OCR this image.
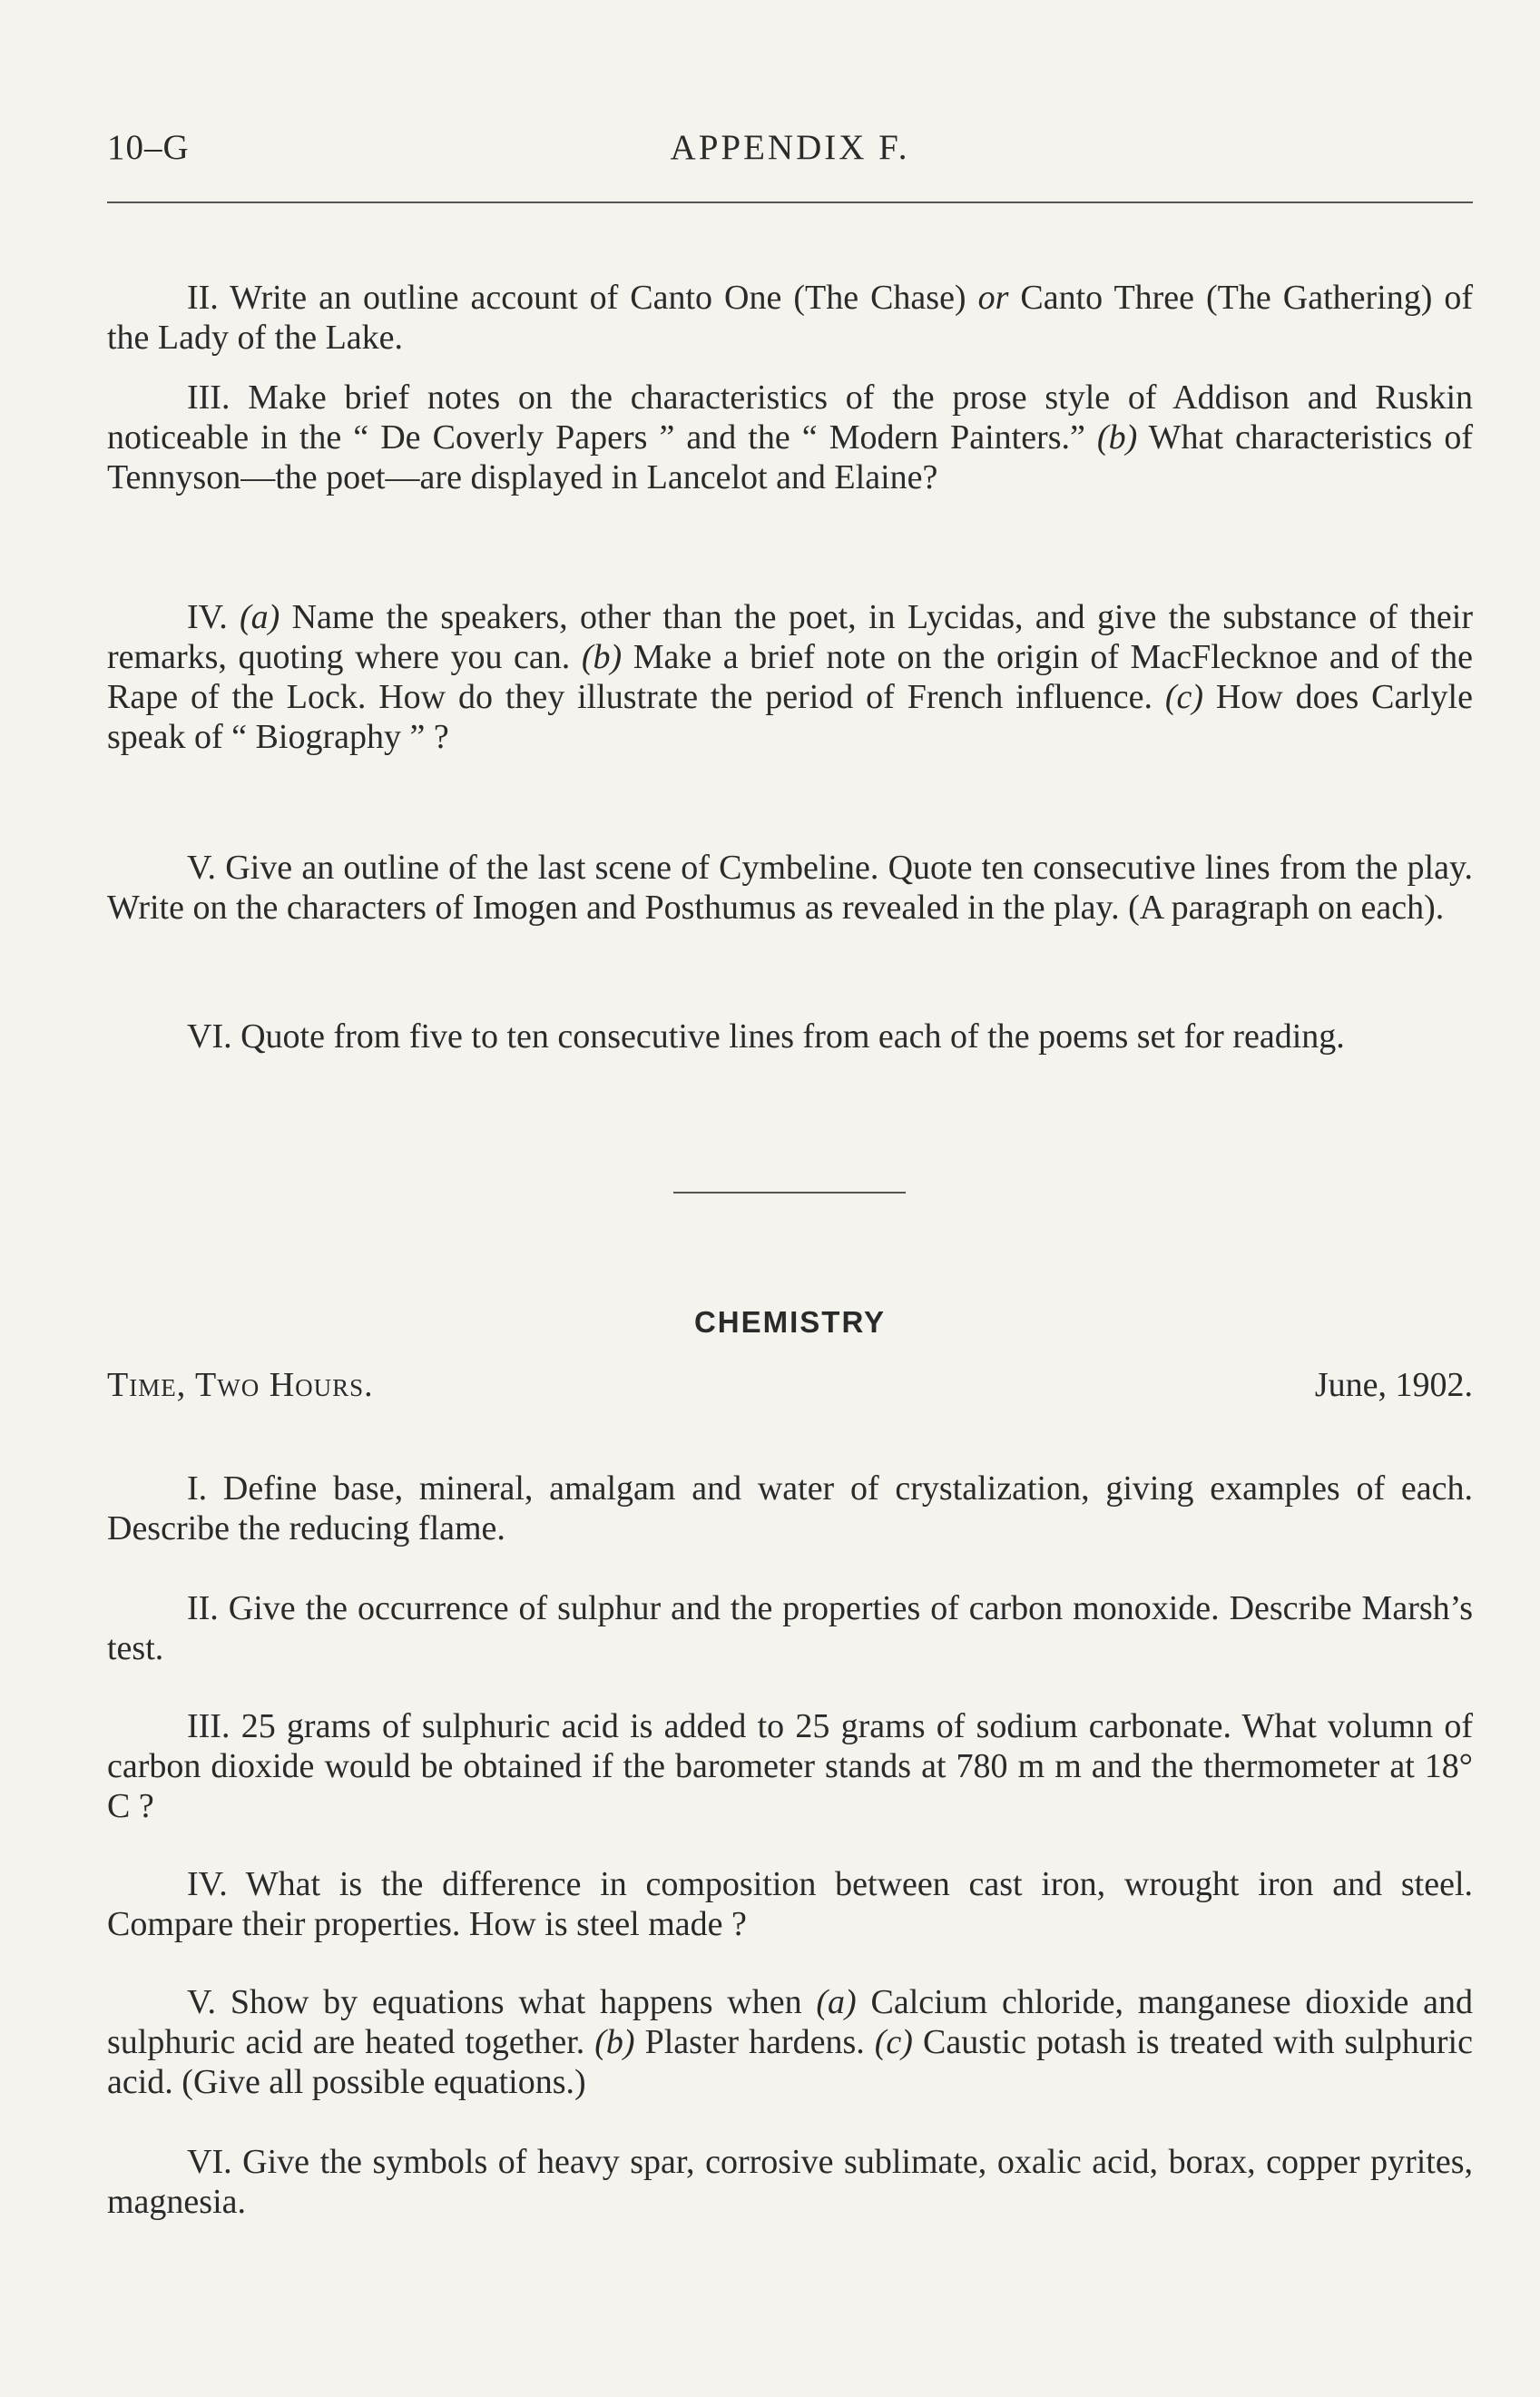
10–G	APPENDIX F.

II. Write an outline account of Canto One (The Chase) or Canto Three (The Gathering) of the Lady of the Lake.

III. Make brief notes on the characteristics of the prose style of Addison and Ruskin noticeable in the “ De Coverly Papers ” and the “ Modern Painters.” (b) What characteristics of Tennyson—the poet—are displayed in Lancelot and Elaine?

IV. (a) Name the speakers, other than the poet, in Lycidas, and give the substance of their remarks, quoting where you can. (b) Make a brief note on the origin of MacFlecknoe and of the Rape of the Lock. How do they illustrate the period of French influence. (c) How does Carlyle speak of “ Biography ” ?

V. Give an outline of the last scene of Cymbeline. Quote ten consecutive lines from the play. Write on the characters of Imogen and Posthumus as revealed in the play. (A paragraph on each).

VI. Quote from five to ten consecutive lines from each of the poems set for reading.

CHEMISTRY
Time, Two Hours.	June, 1902.

I. Define base, mineral, amalgam and water of crystalization, giving examples of each. Describe the reducing flame.

II. Give the occurrence of sulphur and the properties of carbon monoxide. Describe Marsh’s test.

III. 25 grams of sulphuric acid is added to 25 grams of sodium carbonate. What volumn of carbon dioxide would be obtained if the barometer stands at 780 m m and the thermometer at 18° C ?

IV. What is the difference in composition between cast iron, wrought iron and steel. Compare their properties. How is steel made ?

V. Show by equations what happens when (a) Calcium chloride, manganese dioxide and sulphuric acid are heated together. (b) Plaster hardens. (c) Caustic potash is treated with sulphuric acid. (Give all possible equations.)

VI. Give the symbols of heavy spar, corrosive sublimate, oxalic acid, borax, copper pyrites, magnesia.
